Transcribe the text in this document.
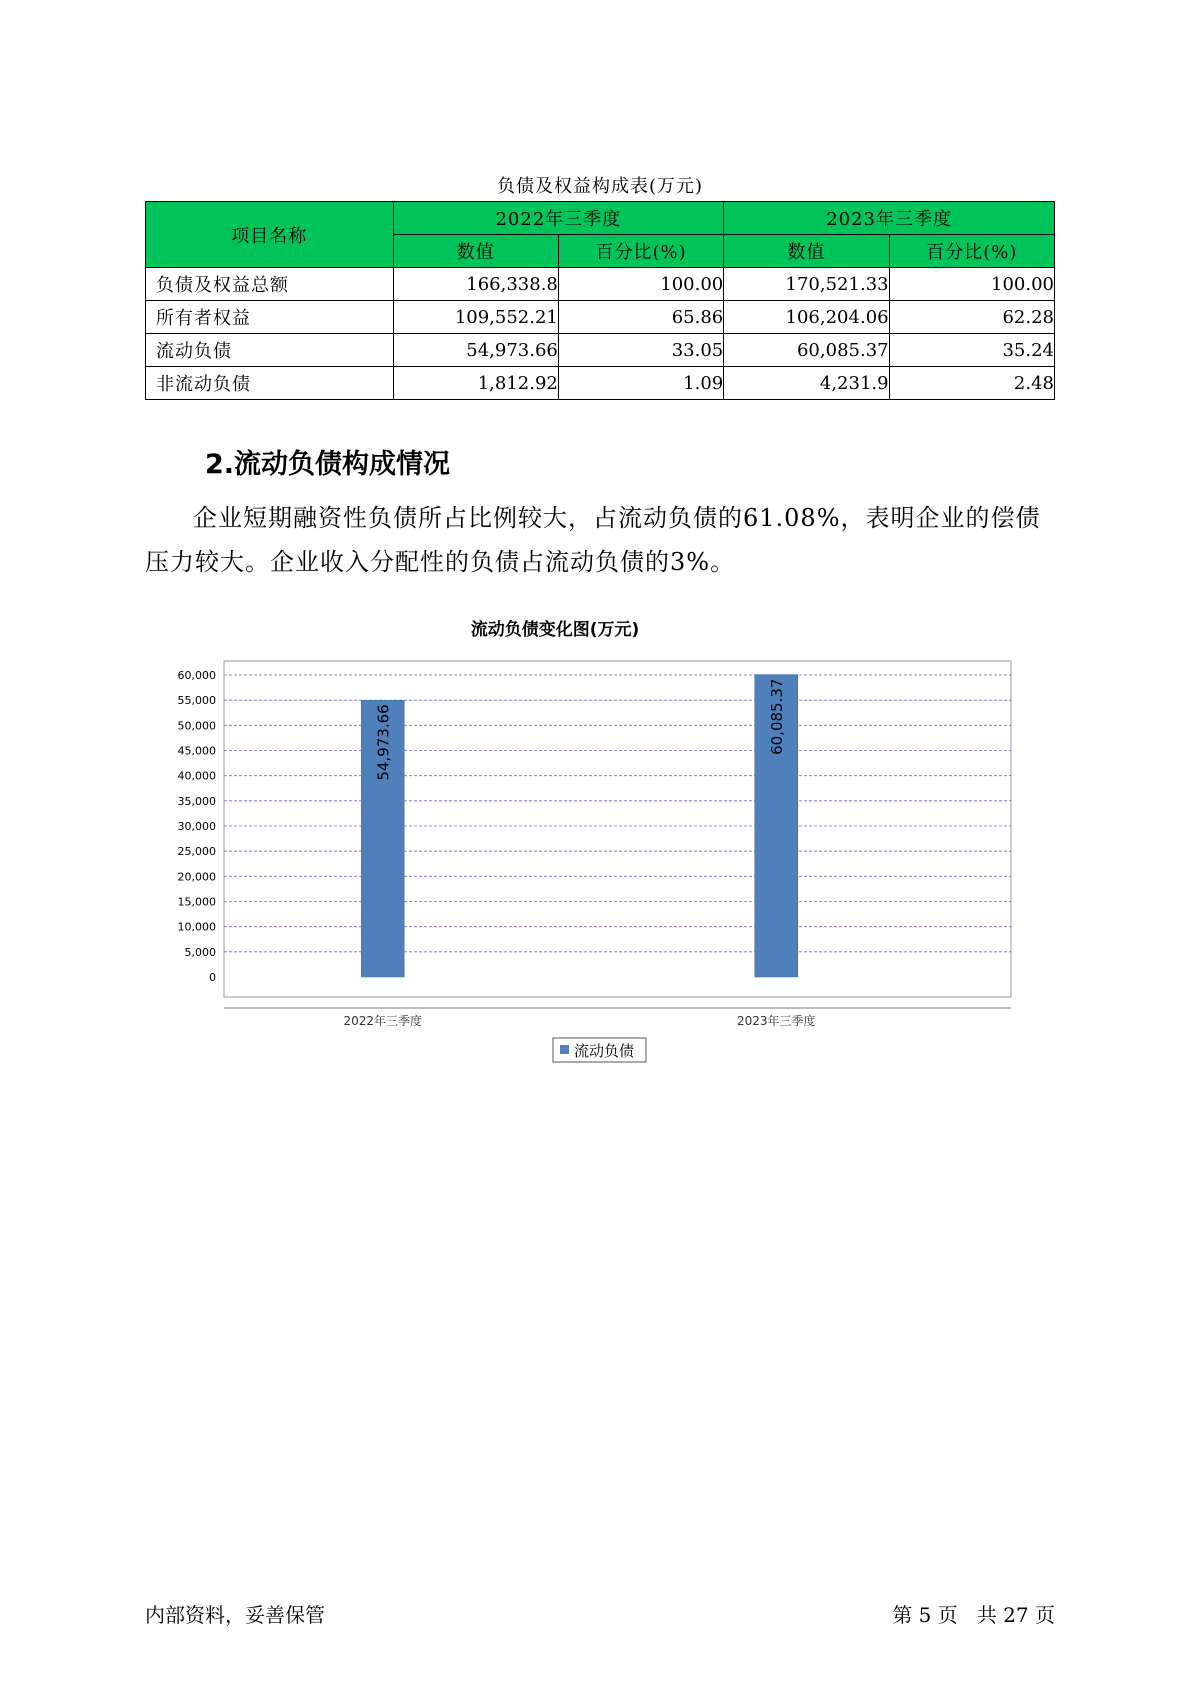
负债及权益构成表(万元)
项目名称	2022年三季度		2023年三季度	
	数值	百分比(%)	数值	百分比(%)
负债及权益总额	166,338.8	100.00	170,521.33	100.00
所有者权益	109,552.21	65.86	106,204.06	62.28
流动负债	54,973.66	33.05	60,085.37	35.24
非流动负债	1,812.92	1.09	4,231.9	2.48
2.流动负债构成情况

企业短期融资性负债所占比例较大，占流动负债的61.08%，表明企业的偿债压力较大。企业收入分配性的负债占流动负债的3%。

流动负债变化图(万元)
54,973.66	60,085.37
0
5,000
10,000
15,000
20,000
25,000
30,000
35,000
40,000
45,000
50,000
55,000
60,000
2022年三季度	2023年三季度
流动负债
内部资料，妥善保管	第 5 页   共 27 页
